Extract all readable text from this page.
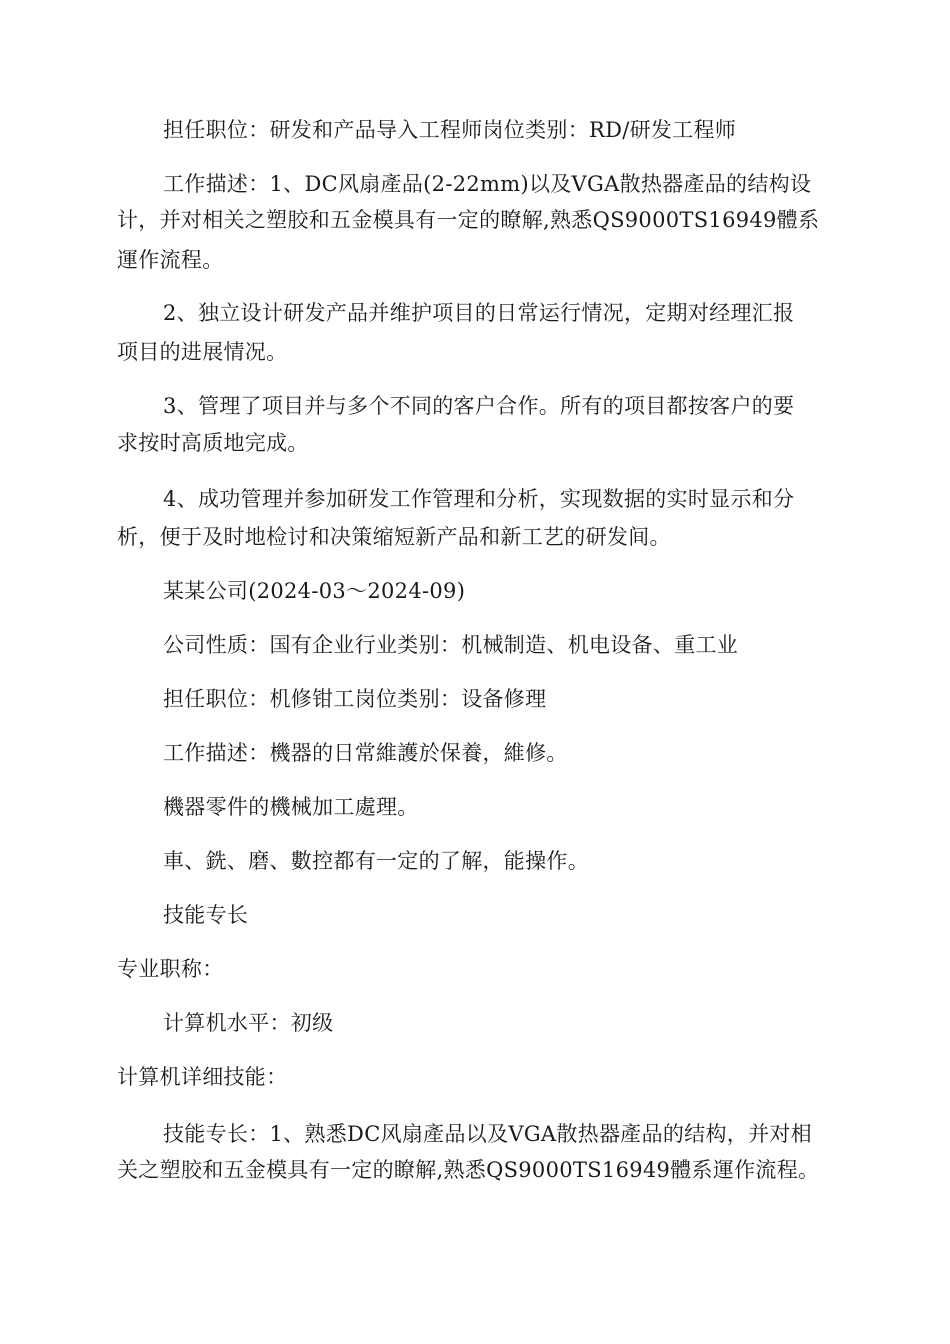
担任职位：研发和产品导入工程师岗位类别：RD/研发工程师
工作描述：1、DC风扇產品(2-22mm)以及VGA散热器產品的结构设
计，并对相关之塑胶和五金模具有一定的瞭解,熟悉QS9000TS16949體系
運作流程。
2、独立设计研发产品并维护项目的日常运行情况，定期对经理汇报
项目的进展情况。
3、管理了项目并与多个不同的客户合作。所有的项目都按客户的要
求按时高质地完成。
4、成功管理并参加研发工作管理和分析，实现数据的实时显示和分
析，便于及时地检讨和决策缩短新产品和新工艺的研发间。
某某公司(2024-03～2024-09)
公司性质：国有企业行业类别：机械制造、机电设备、重工业
担任职位：机修钳工岗位类别：设备修理
工作描述：機器的日常維護於保養，維修。
機器零件的機械加工處理。
車、銑、磨、數控都有一定的了解，能操作。
技能专长
专业职称：
计算机水平：初级
计算机详细技能：
技能专长：1、熟悉DC风扇產品以及VGA散热器產品的结构，并对相
关之塑胶和五金模具有一定的瞭解,熟悉QS9000TS16949體系運作流程。
